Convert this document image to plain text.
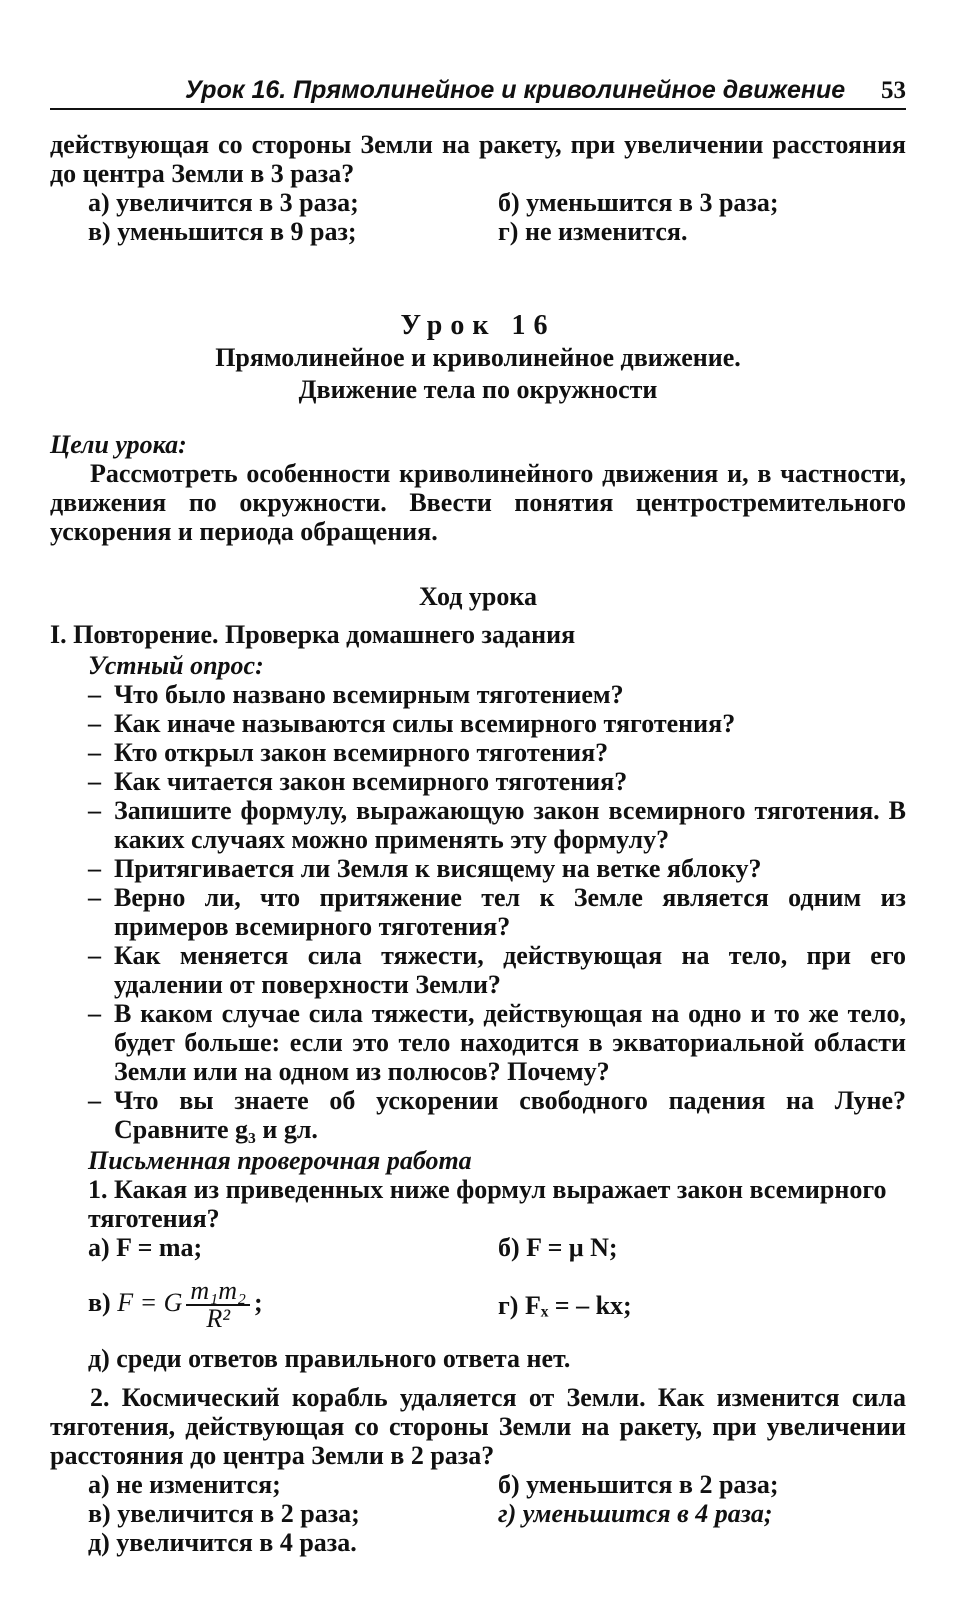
Урок 16. Прямолинейное и криволинейное движение 53

действующая со стороны Земли на ракету, при увеличении расстояния до центра Земли в 3 раза?

а) увеличится в 3 раза;	б) уменьшится в 3 раза;
в) уменьшится в 9 раз;	г) не изменится.
Урок 16
Прямолинейное и криволинейное движение.
Движение тела по окружности

Цели урока:

Рассмотреть особенности криволинейного движения и, в частности, движения по окружности. Ввести понятия центростремительного ускорения и периода обращения.

Ход урока

I. Повторение. Проверка домашнего задания

Устный опрос:

– Что было названо всемирным тяготением?
– Как иначе называются силы всемирного тяготения?
– Кто открыл закон всемирного тяготения?
– Как читается закон всемирного тяготения?
– Запишите формулу, выражающую закон всемирного тяготения. В каких случаях можно применять эту формулу?
– Притягивается ли Земля к висящему на ветке яблоку?
– Верно ли, что притяжение тел к Земле является одним из примеров всемирного тяготения?
– Как меняется сила тяжести, действующая на тело, при его удалении от поверхности Земли?
– В каком случае сила тяжести, действующая на одно и то же тело, будет больше: если это тело находится в экваториальной области Земли или на одном из полюсов? Почему?
– Что вы знаете об ускорении свободного падения на Луне? Сравните g₃ и gл.

Письменная проверочная работа

1. Какая из приведенных ниже формул выражает закон всемирного тяготения?

а) F = ma;	б) F = μ N;
в) F = G $\frac{\text{m₁m₂}}{\text{R²}}$ ;	г) Fₓ = – kx;

д) среди ответов правильного ответа нет.

2. Космический корабль удаляется от Земли. Как изменится сила тяготения, действующая со стороны Земли на ракету, при увеличении расстояния до центра Земли в 2 раза?

а) не изменится;	б) уменьшится в 2 раза;
в) увеличится в 2 раза;	г) уменьшится в 4 раза;
д) увеличится в 4 раза.
